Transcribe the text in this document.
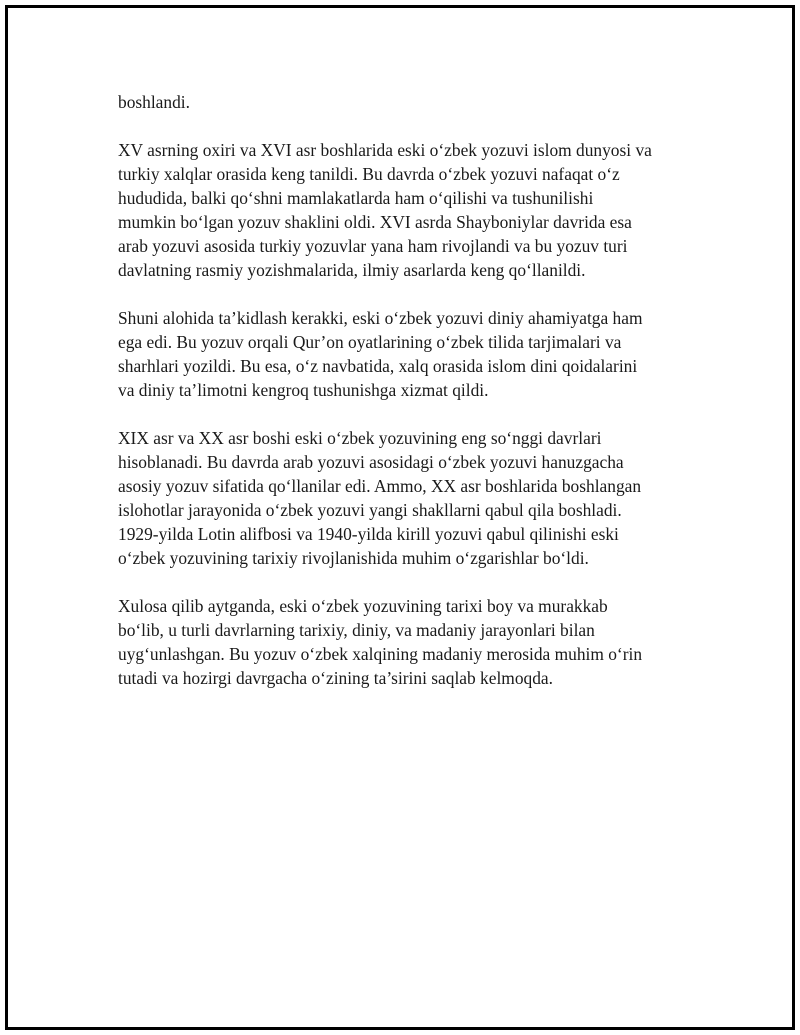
boshlandi.

XV asrning oxiri va XVI asr boshlarida eski o‘zbek yozuvi islom dunyosi va
turkiy xalqlar orasida keng tanildi. Bu davrda o‘zbek yozuvi nafaqat o‘z
hududida, balki qo‘shni mamlakatlarda ham o‘qilishi va tushunilishi
mumkin bo‘lgan yozuv shaklini oldi. XVI asrda Shayboniylar davrida esa
arab yozuvi asosida turkiy yozuvlar yana ham rivojlandi va bu yozuv turi
davlatning rasmiy yozishmalarida, ilmiy asarlarda keng qo‘llanildi.

Shuni alohida ta’kidlash kerakki, eski o‘zbek yozuvi diniy ahamiyatga ham
ega edi. Bu yozuv orqali Qur’on oyatlarining o‘zbek tilida tarjimalari va
sharhlari yozildi. Bu esa, o‘z navbatida, xalq orasida islom dini qoidalarini
va diniy ta’limotni kengroq tushunishga xizmat qildi.

XIX asr va XX asr boshi eski o‘zbek yozuvining eng so‘nggi davrlari
hisoblanadi. Bu davrda arab yozuvi asosidagi o‘zbek yozuvi hanuzgacha
asosiy yozuv sifatida qo‘llanilar edi. Ammo, XX asr boshlarida boshlangan
islohotlar jarayonida o‘zbek yozuvi yangi shakllarni qabul qila boshladi.
1929-yilda Lotin alifbosi va 1940-yilda kirill yozuvi qabul qilinishi eski
o‘zbek yozuvining tarixiy rivojlanishida muhim o‘zgarishlar bo‘ldi.

Xulosa qilib aytganda, eski o‘zbek yozuvining tarixi boy va murakkab
bo‘lib, u turli davrlarning tarixiy, diniy, va madaniy jarayonlari bilan
uyg‘unlashgan. Bu yozuv o‘zbek xalqining madaniy merosida muhim o‘rin
tutadi va hozirgi davrgacha o‘zining ta’sirini saqlab kelmoqda.
